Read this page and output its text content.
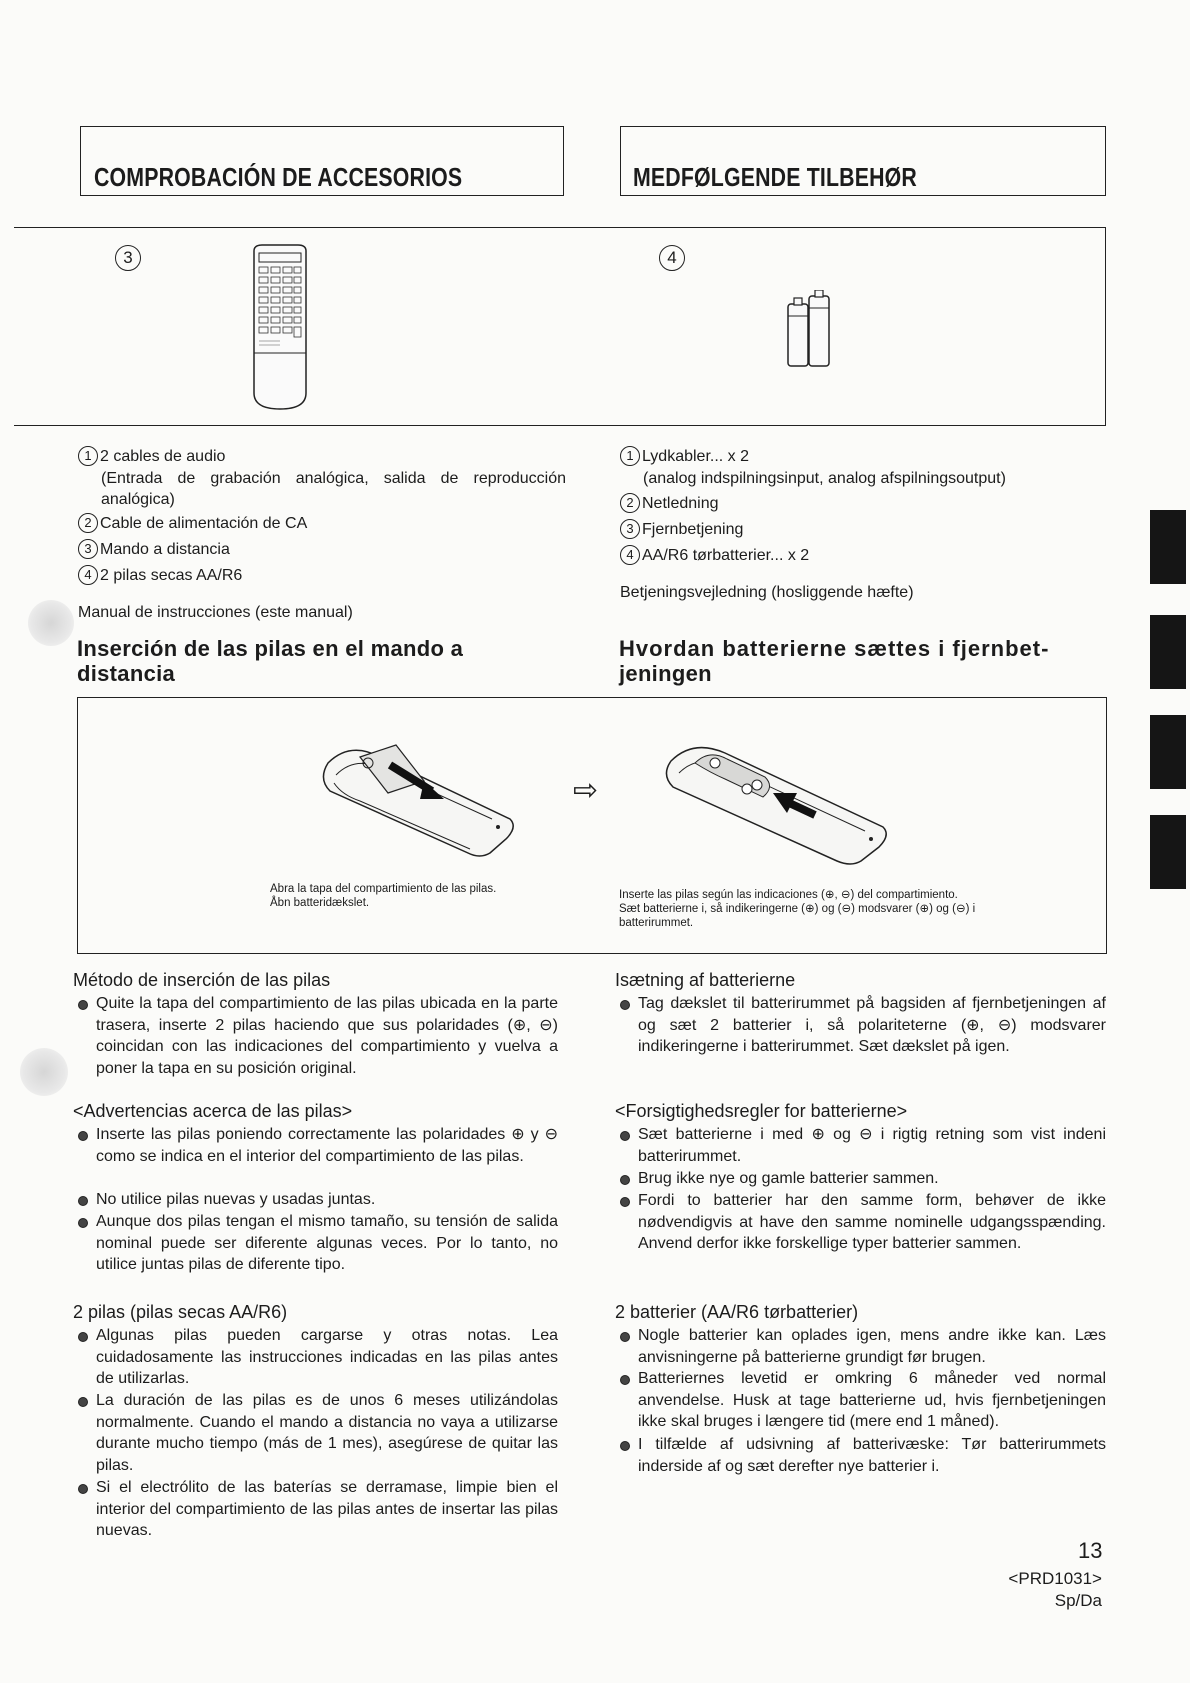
COMPROBACIÓN DE ACCESORIOS	MEDFØLGENDE TILBEHØR
3	4
1 2 cables de audio
(Entrada de grabación analógica, salida de reproducción analógica)
2 Cable de alimentación de CA
3 Mando a distancia
4 2 pilas secas AA/R6
Manual de instrucciones (este manual)
1 Lydkabler... x 2
(analog indspilningsinput, analog afspilningsoutput)
2 Netledning
3 Fjernbetjening
4 AA/R6 tørbatterier... x 2
Betjeningsvejledning (hosliggende hæfte)
Inserción de las pilas en el mando a
distancia
Hvordan batterierne sættes i fjernbet-
jeningen
⇨
Abra la tapa del compartimiento de las pilas.
Åbn batteridækslet.
Inserte las pilas según las indicaciones (⊕, ⊖) del compartimiento.
Sæt batterierne i, så indikeringerne (⊕) og (⊖) modsvarer (⊕) og (⊖) i
batterirummet.
Método de inserción de las pilas
Quite la tapa del compartimiento de las pilas ubicada en la parte trasera, inserte 2 pilas haciendo que sus polaridades (⊕, ⊖) coincidan con las indicaciones del compartimiento y vuelva a poner la tapa en su posición original.
Isætning af batterierne
Tag dækslet til batterirummet på bagsiden af fjernbetjeningen af og sæt 2 batterier i, så polariteterne (⊕, ⊖) modsvarer indikeringerne i batterirummet. Sæt dækslet på igen.
<Advertencias acerca de las pilas>
Inserte las pilas poniendo correctamente las polaridades ⊕ y ⊖ como se indica en el interior del compartimiento de las pilas.
No utilice pilas nuevas y usadas juntas.
Aunque dos pilas tengan el mismo tamaño, su tensión de salida nominal puede ser diferente algunas veces. Por lo tanto, no utilice juntas pilas de diferente tipo.
<Forsigtighedsregler for batterierne>
Sæt batterierne i med ⊕ og ⊖ i rigtig retning som vist indeni batterirummet.
Brug ikke nye og gamle batterier sammen.
Fordi to batterier har den samme form, behøver de ikke nødvendigvis at have den samme nominelle udgangsspænding. Anvend derfor ikke forskellige typer batterier sammen.
2 pilas (pilas secas AA/R6)
Algunas pilas pueden cargarse y otras notas. Lea cuidadosamente las instrucciones indicadas en las pilas antes de utilizarlas.
La duración de las pilas es de unos 6 meses utilizándolas normalmente. Cuando el mando a distancia no vaya a utilizarse durante mucho tiempo (más de 1 mes), asegúrese de quitar las pilas.
Si el electrólito de las baterías se derramase, limpie bien el interior del compartimiento de las pilas antes de insertar las pilas nuevas.
2 batterier (AA/R6 tørbatterier)
Nogle batterier kan oplades igen, mens andre ikke kan. Læs anvisningerne på batterierne grundigt før brugen.
Batteriernes levetid er omkring 6 måneder ved normal anvendelse. Husk at tage batterierne ud, hvis fjernbetjeningen ikke skal bruges i længere tid (mere end 1 måned).
I tilfælde af udsivning af batterivæske: Tør batterirummets inderside af og sæt derefter nye batterier i.
13
<PRD1031>
Sp/Da
